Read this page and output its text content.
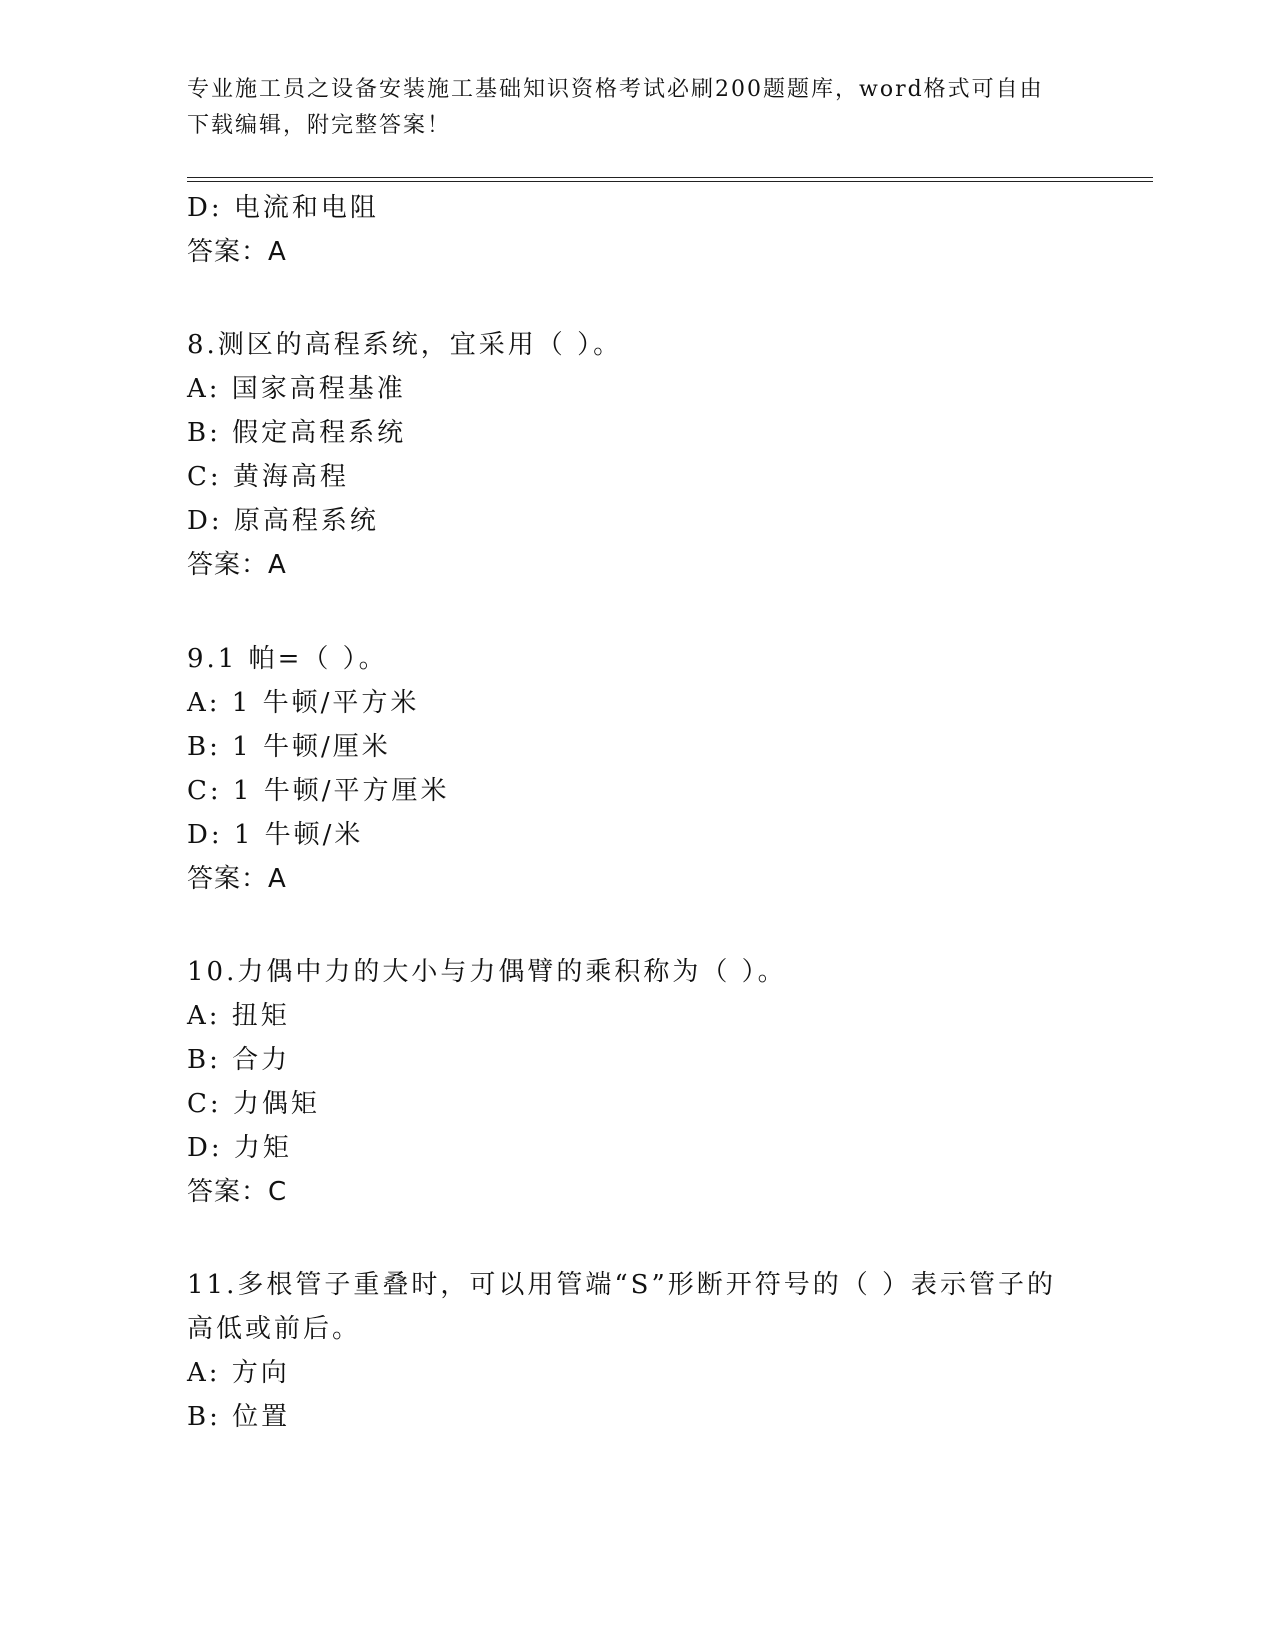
专业施工员之设备安装施工基础知识资格考试必刷200题题库，word格式可自由
下载编辑，附完整答案！
D: 电流和电阻
答案：A
8.测区的高程系统，宜采用（ ）。
A: 国家高程基准
B: 假定高程系统
C: 黄海高程
D: 原高程系统
答案：A
9.1 帕=（ ）。
A: 1 牛顿/平方米
B: 1 牛顿/厘米
C: 1 牛顿/平方厘米
D: 1 牛顿/米
答案：A
10.力偶中力的大小与力偶臂的乘积称为（ ）。
A: 扭矩
B: 合力
C: 力偶矩
D: 力矩
答案：C
11.多根管子重叠时，可以用管端“S”形断开符号的（ ）表示管子的
高低或前后。
A: 方向
B: 位置
